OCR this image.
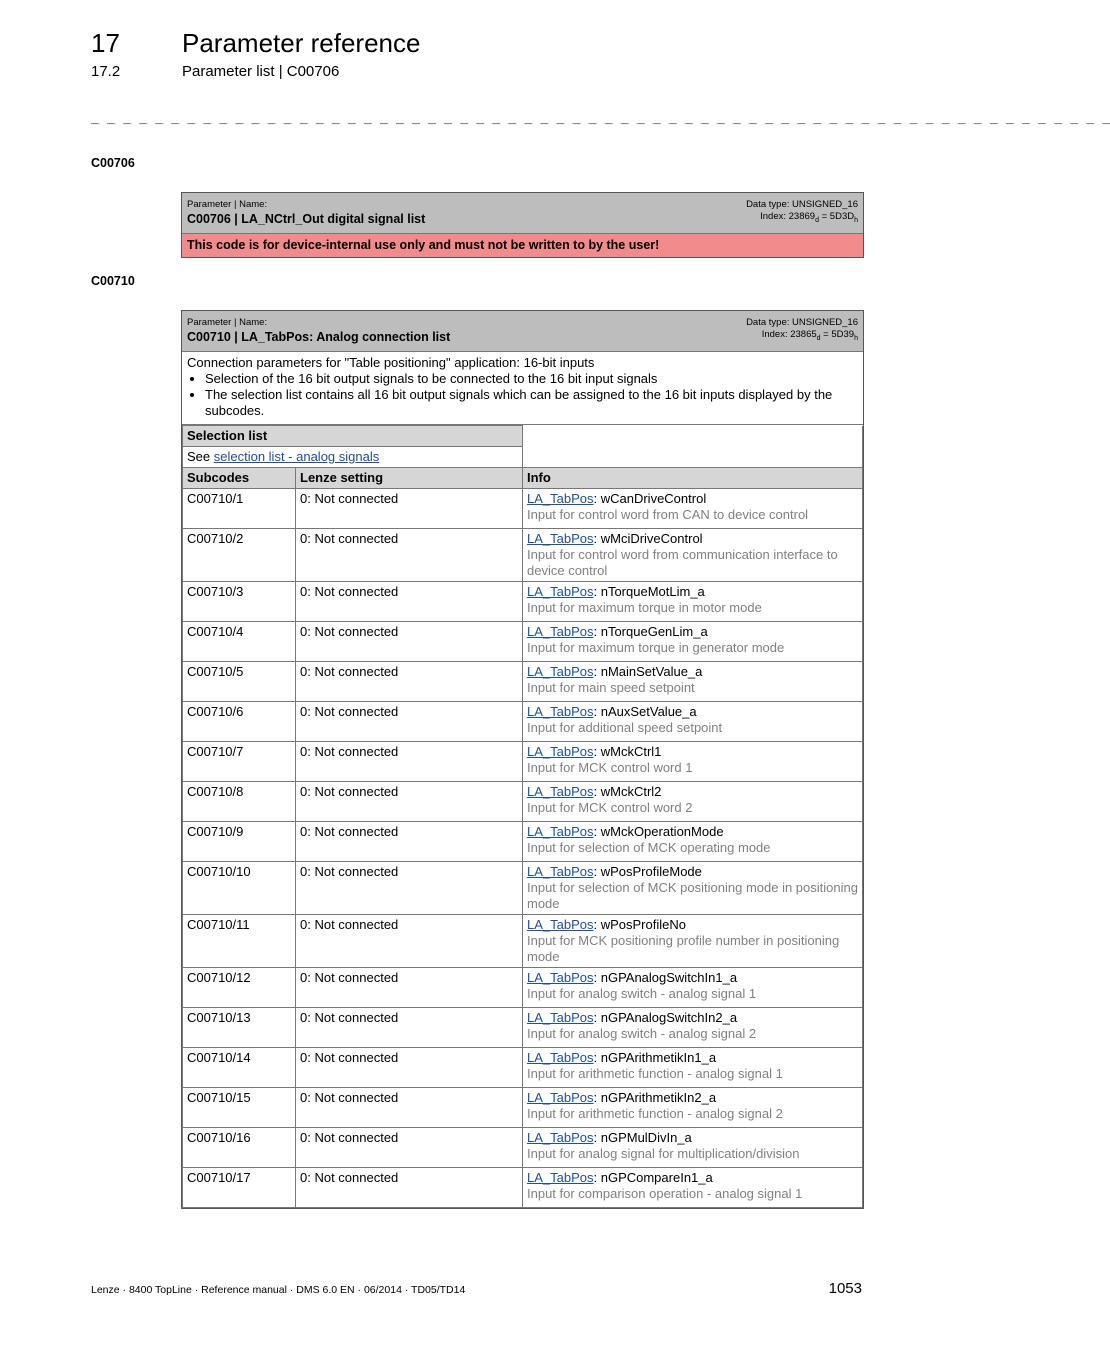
17 Parameter reference
17.2	Parameter list | C00706
_ _ _ _ _ _ _ _ _ _ _ _ _ _ _ _ _ _ _ _ _ _ _ _ _ _ _ _ _ _ _ _ _ _ _ _ _ _ _ _ _ _ _ _ _ _ _ _ _ _ _ _ _ _ _ _ _ _ _ _ _ _ _ _
C00706
Parameter | Name:
C00706 | LA_NCtrl_Out digital signal list
Data type: UNSIGNED_16
Index: $23869_d = 5D3D_h$
This code is for device-internal use only and must not be written to by the user!
C00710
Parameter | Name:
C00710 | LA_TabPos: Analog connection list
Data type: UNSIGNED_16
Index: $23865_d = 5D39_h$
Connection parameters for "Table positioning" application: 16-bit inputs
• Selection of the 16 bit output signals to be connected to the 16 bit input signals
• The selection list contains all 16 bit output signals which can be assigned to the 16 bit inputs displayed by the subcodes.
Selection list		
See selection list - analog signals		
Subcodes	Lenze setting	Info
C00710/1	0: Not connected	LA_TabPos: wCanDriveControl
Input for control word from CAN to device control

C00710/2	0: Not connected	LA_TabPos: wMciDriveControl
Input for control word from communication interface to device control

C00710/3	0: Not connected	LA_TabPos: nTorqueMotLim_a
Input for maximum torque in motor mode

C00710/4	0: Not connected	LA_TabPos: nTorqueGenLim_a
Input for maximum torque in generator mode

C00710/5	0: Not connected	LA_TabPos: nMainSetValue_a
Input for main speed setpoint

C00710/6	0: Not connected	LA_TabPos: nAuxSetValue_a
Input for additional speed setpoint

C00710/7	0: Not connected	LA_TabPos: wMckCtrl1
Input for MCK control word 1

C00710/8	0: Not connected	LA_TabPos: wMckCtrl2
Input for MCK control word 2

C00710/9	0: Not connected	LA_TabPos: wMckOperationMode
Input for selection of MCK operating mode

C00710/10	0: Not connected	LA_TabPos: wPosProfileMode
Input for selection of MCK positioning mode in positioning mode

C00710/11	0: Not connected	LA_TabPos: wPosProfileNo
Input for MCK positioning profile number in positioning mode

C00710/12	0: Not connected	LA_TabPos: nGPAnalogSwitchIn1_a
Input for analog switch - analog signal 1

C00710/13	0: Not connected	LA_TabPos: nGPAnalogSwitchIn2_a
Input for analog switch - analog signal 2

C00710/14	0: Not connected	LA_TabPos: nGPArithmetikIn1_a
Input for arithmetic function - analog signal 1

C00710/15	0: Not connected	LA_TabPos: nGPArithmetikIn2_a
Input for arithmetic function - analog signal 2

C00710/16	0: Not connected	LA_TabPos: nGPMulDivIn_a
Input for analog signal for multiplication/division

C00710/17	0: Not connected	LA_TabPos: nGPCompareIn1_a
Input for comparison operation - analog signal 1
Lenze · 8400 TopLine · Reference manual · DMS 6.0 EN · 06/2014 · TD05/TD14	1053
